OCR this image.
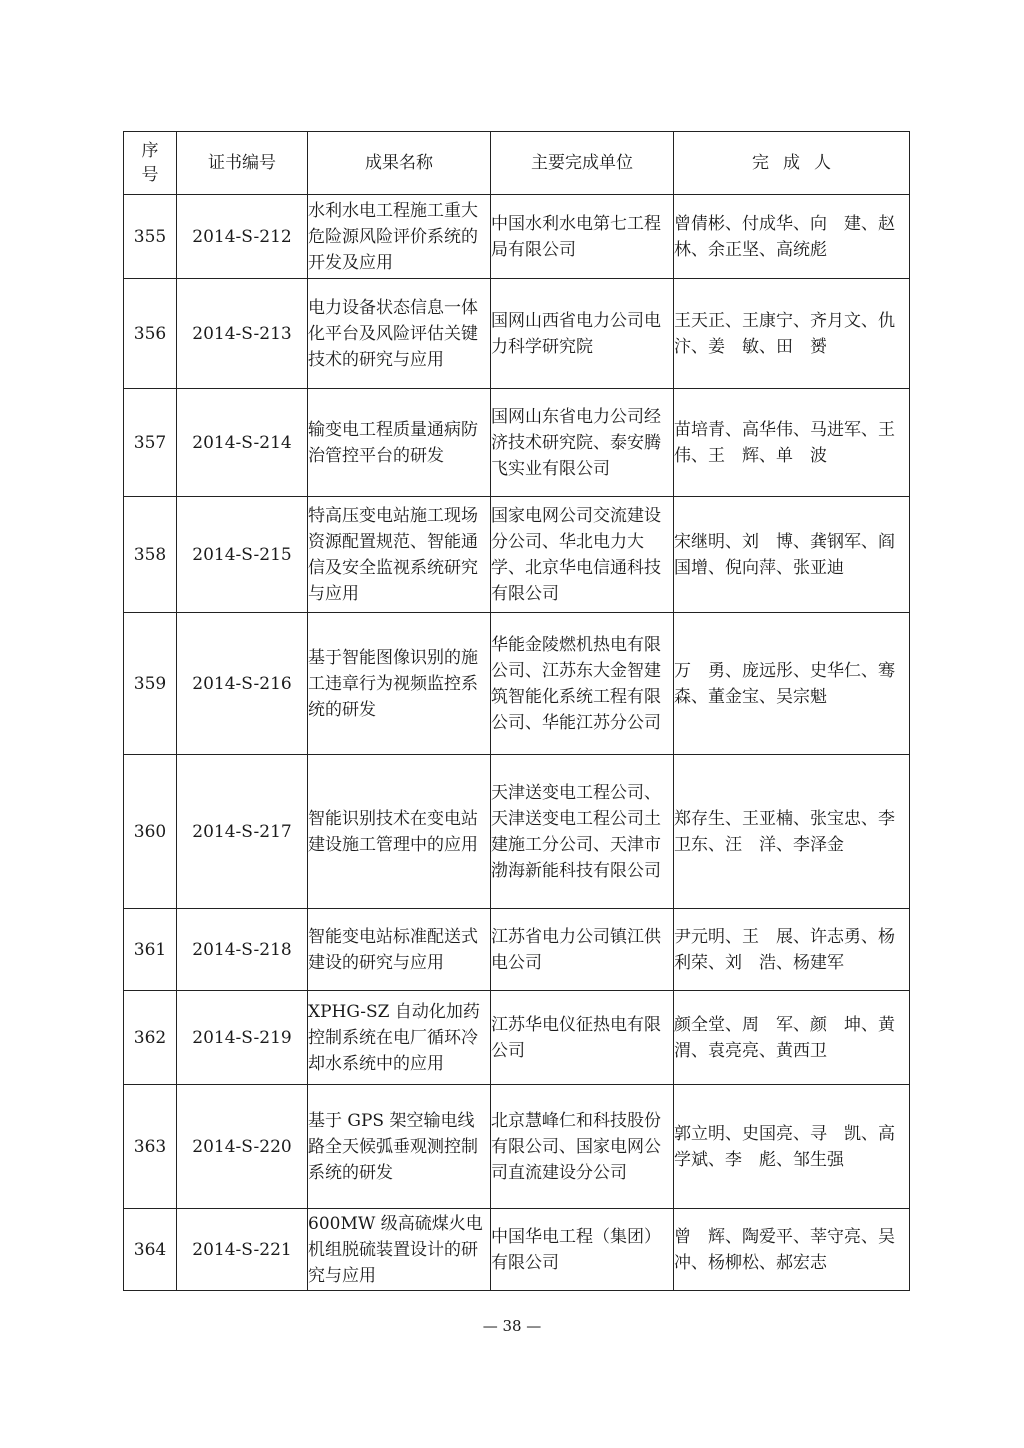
序号	证书编号	成果名称	主要完成单位	完成人
355	2014-S-212	水利水电工程施工重大危险源风险评价系统的开发及应用	中国水利水电第七工程局有限公司	曾倩彬、付成华、向　建、赵　林、余正坚、高统彪
356	2014-S-213	电力设备状态信息一体化平台及风险评估关键技术的研究与应用	国网山西省电力公司电力科学研究院	王天正、王康宁、齐月文、仇　汴、姜　敏、田　赟
357	2014-S-214	输变电工程质量通病防治管控平台的研发	国网山东省电力公司经济技术研究院、泰安腾飞实业有限公司	苗培青、高华伟、马进军、王　伟、王　辉、单　波
358	2014-S-215	特高压变电站施工现场资源配置规范、智能通信及安全监视系统研究与应用	国家电网公司交流建设分公司、华北电力大学、北京华电信通科技有限公司	宋继明、刘　博、龚钢军、阎国增、倪向萍、张亚迪
359	2014-S-216	基于智能图像识别的施工违章行为视频监控系统的研发	华能金陵燃机热电有限公司、江苏东大金智建筑智能化系统工程有限公司、华能江苏分公司	万　勇、庞远彤、史华仁、骞　森、董金宝、吴宗魁
360	2014-S-217	智能识别技术在变电站建设施工管理中的应用	天津送变电工程公司、天津送变电工程公司土建施工分公司、天津市渤海新能科技有限公司	郑存生、王亚楠、张宝忠、李卫东、汪　洋、李泽金
361	2014-S-218	智能变电站标准配送式建设的研究与应用	江苏省电力公司镇江供电公司	尹元明、王　展、许志勇、杨利荣、刘　浩、杨建军
362	2014-S-219	XPHG-SZ 自动化加药控制系统在电厂循环冷却水系统中的应用	江苏华电仪征热电有限公司	颜全堂、周　军、颜　坤、黄　渭、袁亮亮、黄西卫
363	2014-S-220	基于 GPS 架空输电线路全天候弧垂观测控制系统的研发	北京慧峰仁和科技股份有限公司、国家电网公司直流建设分公司	郭立明、史国亮、寻　凯、高学斌、李　彪、邹生强
364	2014-S-221	600MW 级高硫煤火电机组脱硫装置设计的研究与应用	中国华电工程（集团）有限公司	曾　辉、陶爱平、莘守亮、吴　冲、杨柳松、郝宏志
— 38 —
